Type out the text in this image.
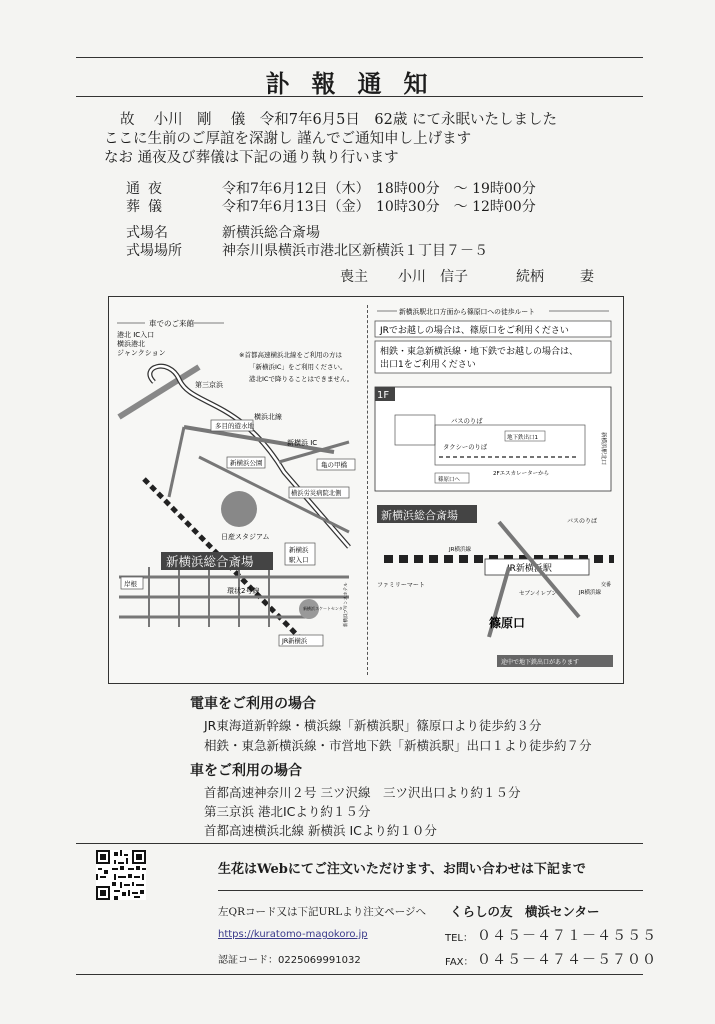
訃報通知
故　 小川　剛　 儀　令和7年6月5日　62歳 にて永眠いたしました
ここに生前のご厚誼を深謝し 謹んでご通知申し上げます
なお 通夜及び葬儀は下記の通り執り行います
通夜	令和7年6月12日（木） 18時00分　～ 19時00分
葬儀	令和7年6月13日（金） 10時30分　～ 12時00分
式場名	新横浜総合斎場
式場場所	神奈川県横浜市港北区新横浜１丁目７－５
喪主 小川　信子	続柄	妻
車でのご来館
港北 IC入口
横浜港北
ジャンクション	※首都高速横浜北線をご利用の方は
「新横浜IC」をご利用ください。
港北ICで降りることはできません。
第三京浜
多目的遊水地
横浜北線
新横浜 IC
新横浜公園	亀の甲橋
横浜労災病院北側
日産スタジアム
岸根
新横浜
駅入口
新横浜総合斎場
環状2号線
新横浜スケートセンター
新横浜プリンスホテル
JR新横浜
新横浜駅北口方面から篠原口への徒歩ルート
JRでお越しの場合は、篠原口をご利用ください
相鉄・東急新横浜線・地下鉄でお越しの場合は、
出口1をご利用ください
1F
バスのりば
タクシーのりば
地下鉄出口1
篠原口へ
2Fエスカレーターから
新横浜駅北口
新横浜総合斎場	バスのりば
JR新横浜駅
JR横浜線
JR横浜線
交番
ファミリーマート
セブンイレブン
篠原口
途中で地下鉄出口があります
電車をご利用の場合
JR東海道新幹線・横浜線「新横浜駅」篠原口より徒歩約３分
相鉄・東急新横浜線・市営地下鉄「新横浜駅」出口１より徒歩約７分
車をご利用の場合
首都高速神奈川２号 三ツ沢線　三ツ沢出口より約１５分
第三京浜 港北ICより約１５分
首都高速横浜北線 新横浜 ICより約１０分
生花はWebにてご注文いただけます、お問い合わせは下記まで
左QRコード又は下記URLより注文ページへ くらしの友　横浜センター
https://kuratomo-magokoro.jp	TEL： ０４５－４７１－４５５５
認証コード：0225069991032	FAX： ０４５－４７４－５７００
